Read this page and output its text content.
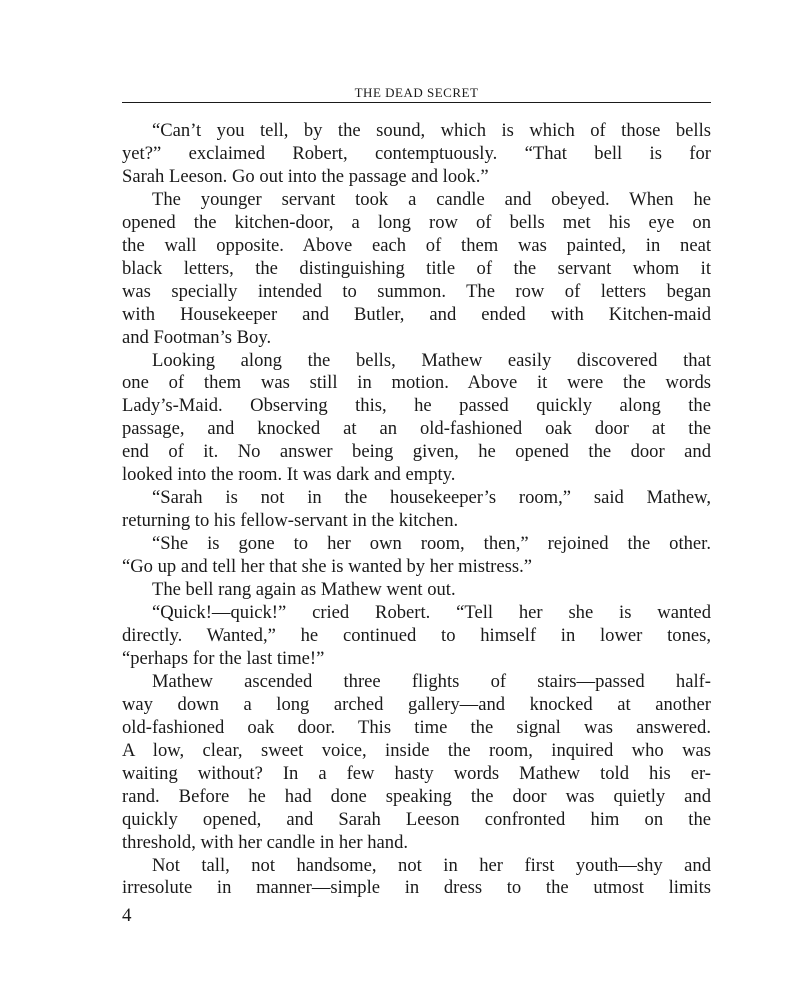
THE DEAD SECRET

“Can’t you tell, by the sound, which is which of those bells
yet?” exclaimed Robert, contemptuously. “That bell is for
Sarah Leeson. Go out into the passage and look.”

The younger servant took a candle and obeyed. When he
opened the kitchen-door, a long row of bells met his eye on
the wall opposite. Above each of them was painted, in neat
black letters, the distinguishing title of the servant whom it
was specially intended to summon. The row of letters began
with Housekeeper and Butler, and ended with Kitchen-maid
and Footman’s Boy.

Looking along the bells, Mathew easily discovered that
one of them was still in motion. Above it were the words
Lady’s-Maid. Observing this, he passed quickly along the
passage, and knocked at an old-fashioned oak door at the
end of it. No answer being given, he opened the door and
looked into the room. It was dark and empty.

“Sarah is not in the housekeeper’s room,” said Mathew,
returning to his fellow-servant in the kitchen.

“She is gone to her own room, then,” rejoined the other.
“Go up and tell her that she is wanted by her mistress.”

The bell rang again as Mathew went out.

“Quick!—quick!” cried Robert. “Tell her she is wanted
directly. Wanted,” he continued to himself in lower tones,
“perhaps for the last time!”

Mathew ascended three flights of stairs—passed half-
way down a long arched gallery—and knocked at another
old-fashioned oak door. This time the signal was answered.
A low, clear, sweet voice, inside the room, inquired who was
waiting without? In a few hasty words Mathew told his er-
rand. Before he had done speaking the door was quietly and
quickly opened, and Sarah Leeson confronted him on the
threshold, with her candle in her hand.

Not tall, not handsome, not in her first youth—shy and
irresolute in manner—simple in dress to the utmost limits

4
